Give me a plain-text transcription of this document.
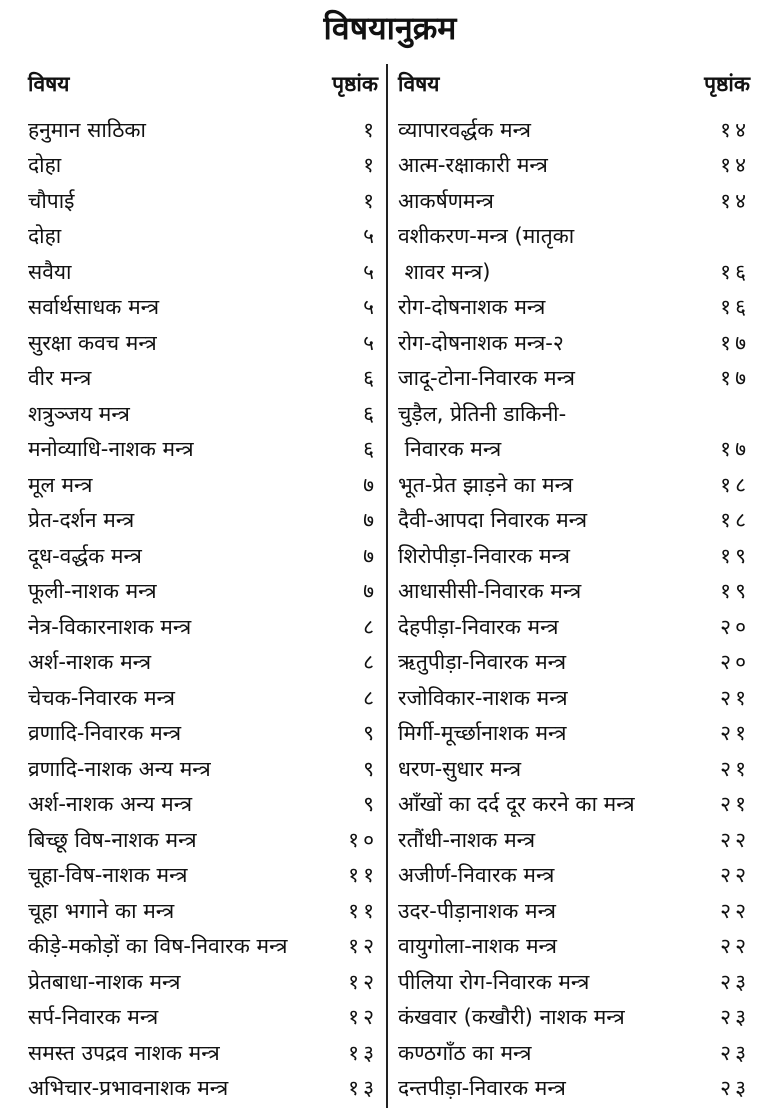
विषयानुक्रम
विषय	पृष्ठांक
हनुमान साठिका	१
दोहा	१
चौपाई	१
दोहा	५
सवैया	५
सर्वार्थसाधक मन्त्र	५
सुरक्षा कवच मन्त्र	५
वीर मन्त्र	६
शत्रुञ्जय मन्त्र	६
मनोव्याधि-नाशक मन्त्र	६
मूल मन्त्र	७
प्रेत-दर्शन मन्त्र	७
दूध-वर्द्धक मन्त्र	७
फूली-नाशक मन्त्र	७
नेत्र-विकारनाशक मन्त्र	८
अर्श-नाशक मन्त्र	८
चेचक-निवारक मन्त्र	८
व्रणादि-निवारक मन्त्र	९
व्रणादि-नाशक अन्य मन्त्र	९
अर्श-नाशक अन्य मन्त्र	९
बिच्छू विष-नाशक मन्त्र	१०
चूहा-विष-नाशक मन्त्र	११
चूहा भगाने का मन्त्र	११
कीड़े-मकोड़ों का विष-निवारक मन्त्र	१२
प्रेतबाधा-नाशक मन्त्र	१२
सर्प-निवारक मन्त्र	१२
समस्त उपद्रव नाशक मन्त्र	१३
अभिचार-प्रभावनाशक मन्त्र	१३
विषय	पृष्ठांक
व्यापारवर्द्धक मन्त्र	१४
आत्म-रक्षाकारी मन्त्र	१४
आकर्षणमन्त्र	१४
वशीकरण-मन्त्र (मातृका
शावर मन्त्र)	१६
रोग-दोषनाशक मन्त्र	१६
रोग-दोषनाशक मन्त्र-२	१७
जादू-टोना-निवारक मन्त्र	१७
चुड़ैल, प्रेतिनी डाकिनी-
निवारक मन्त्र	१७
भूत-प्रेत झाड़ने का मन्त्र	१८
दैवी-आपदा निवारक मन्त्र	१८
शिरोपीड़ा-निवारक मन्त्र	१९
आधासीसी-निवारक मन्त्र	१९
देहपीड़ा-निवारक मन्त्र	२०
ऋतुपीड़ा-निवारक मन्त्र	२०
रजोविकार-नाशक मन्त्र	२१
मिर्गी-मूर्च्छानाशक मन्त्र	२१
धरण-सुधार मन्त्र	२१
आँखों का दर्द दूर करने का मन्त्र	२१
रतौंधी-नाशक मन्त्र	२२
अजीर्ण-निवारक मन्त्र	२२
उदर-पीड़ानाशक मन्त्र	२२
वायुगोला-नाशक मन्त्र	२२
पीलिया रोग-निवारक मन्त्र	२३
कंखवार (कखौरी) नाशक मन्त्र	२३
कण्ठगाँठ का मन्त्र	२३
दन्तपीड़ा-निवारक मन्त्र	२३
